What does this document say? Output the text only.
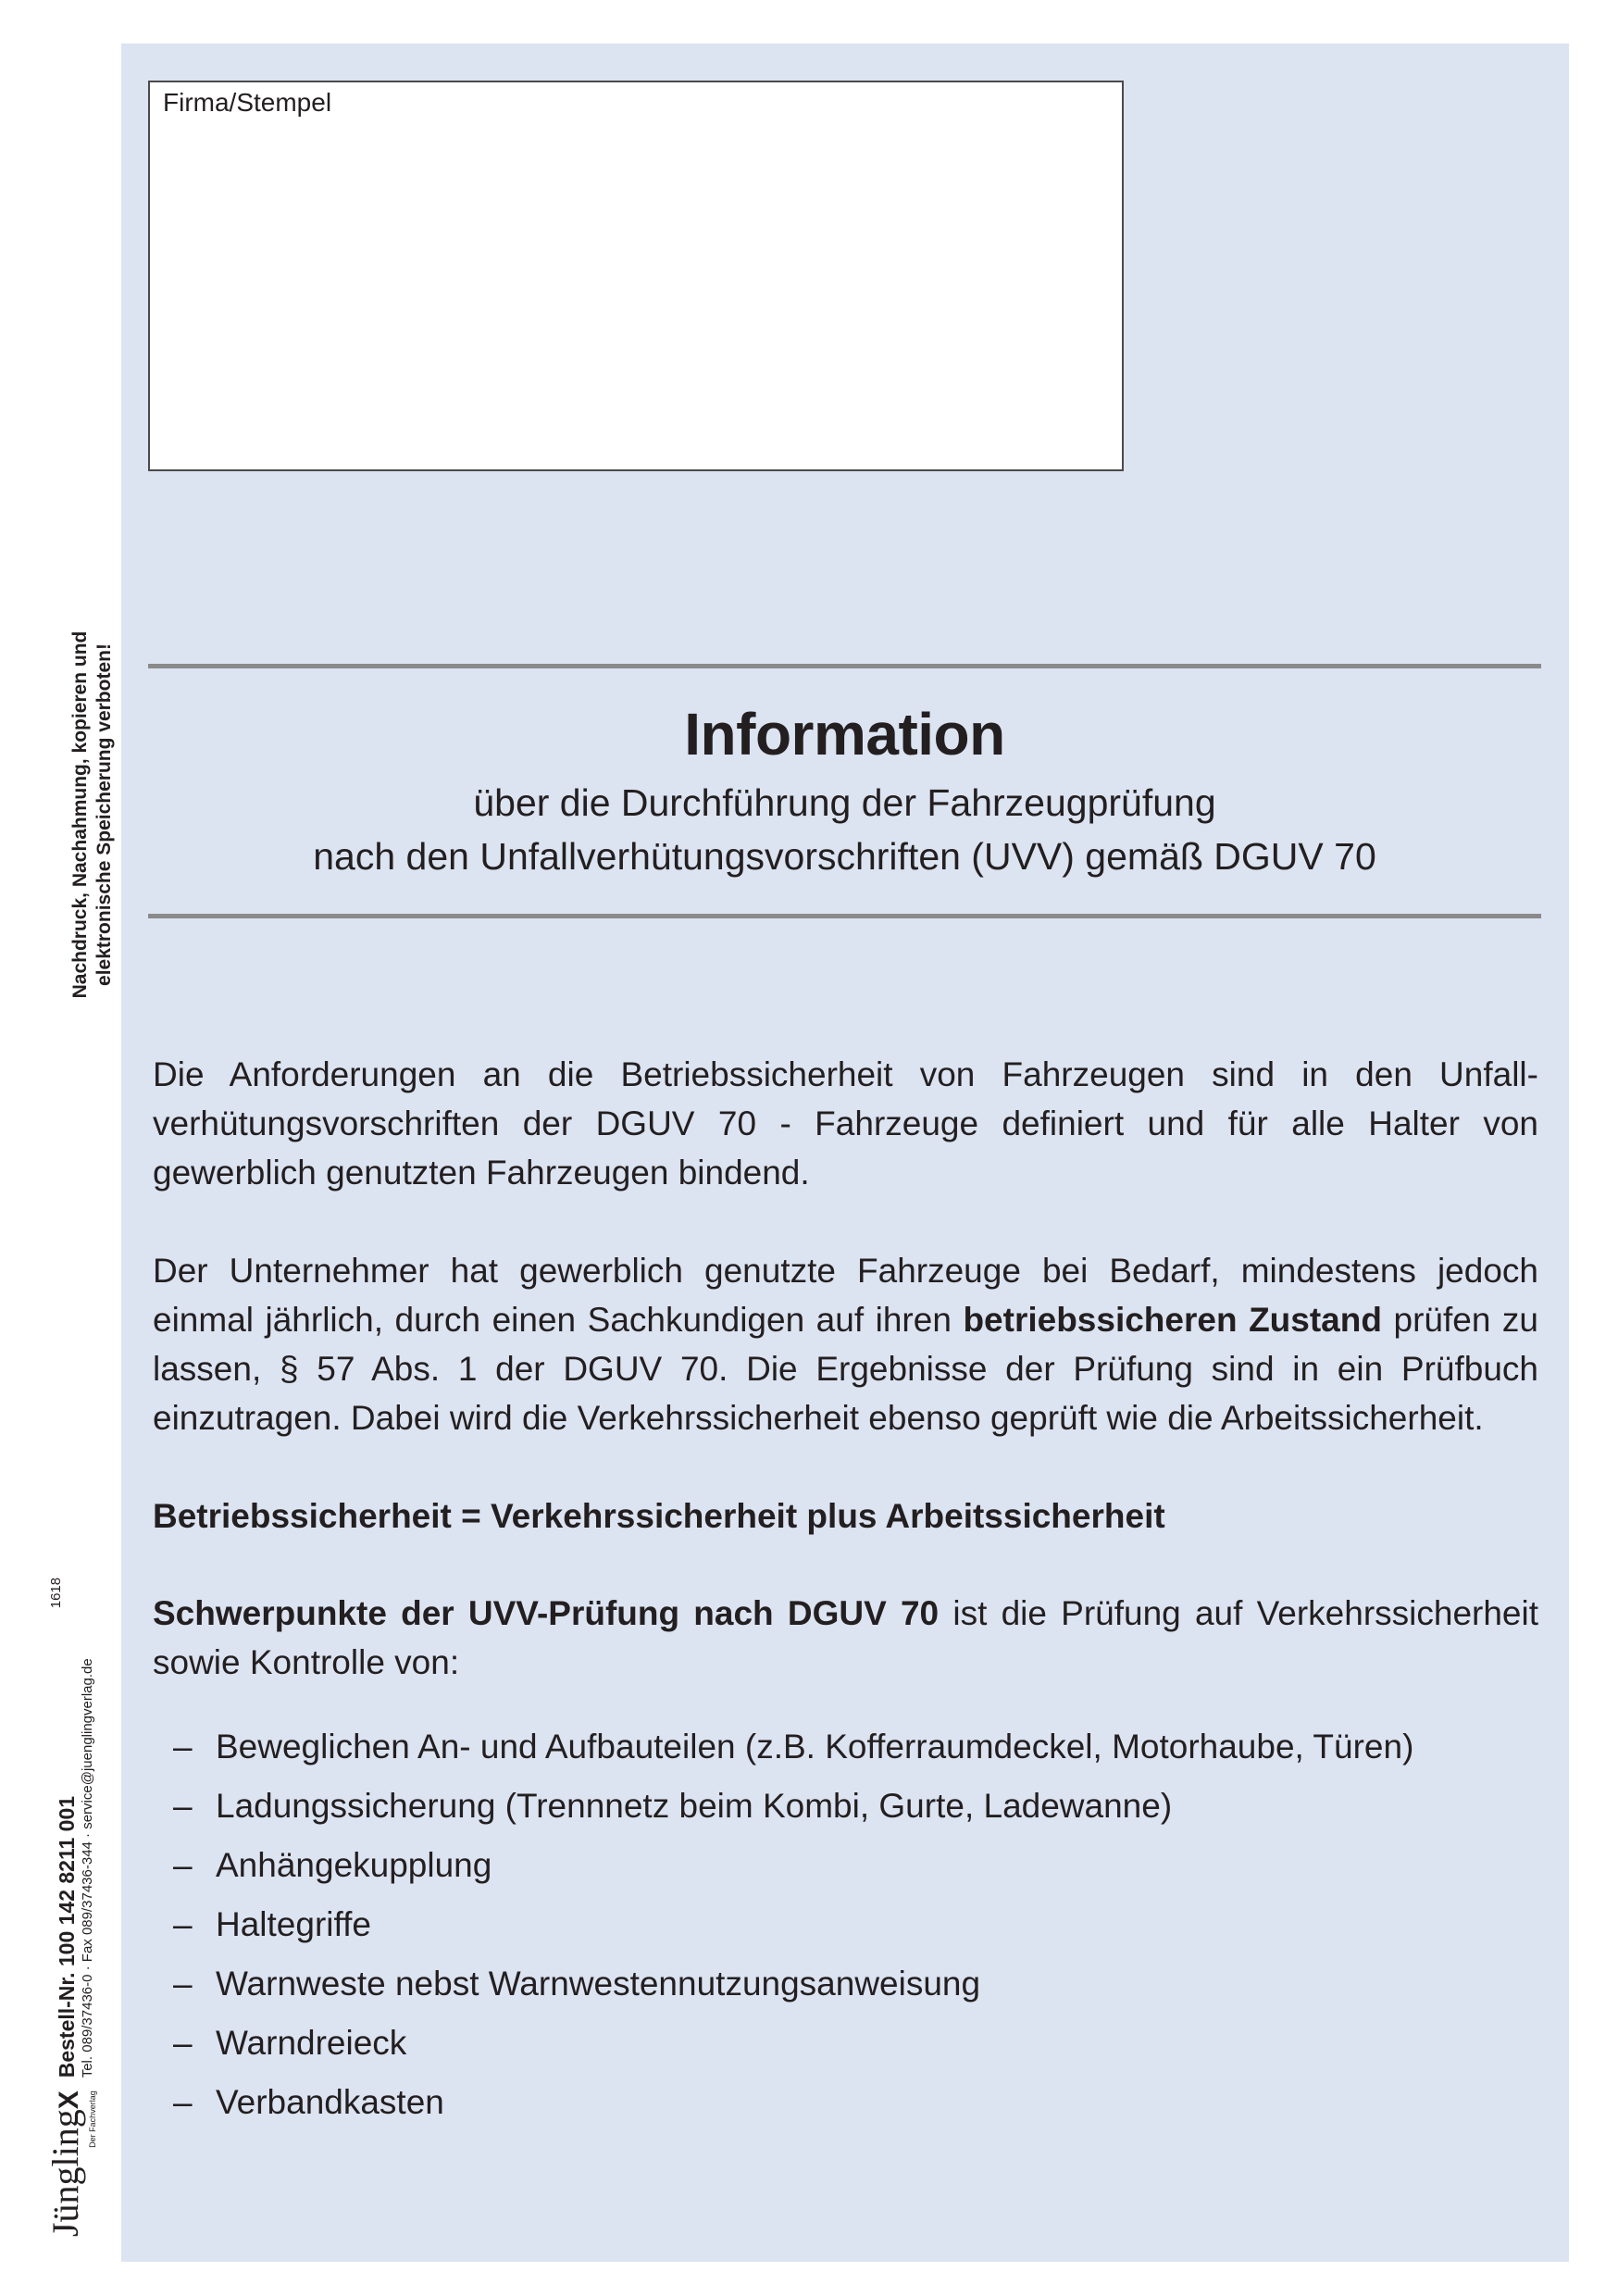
Firma/Stempel

Information

über die Durchführung der Fahrzeugprüfung

nach den Unfallverhütungsvorschriften (UVV) gemäß DGUV 70

Die Anforderungen an die Betriebssicherheit von Fahrzeugen sind in den Unfallverhütungsvorschriften der DGUV 70 - Fahrzeuge definiert und für alle Halter von gewerblich genutzten Fahrzeugen bindend.

Der Unternehmer hat gewerblich genutzte Fahrzeuge bei Bedarf, mindestens jedoch einmal jährlich, durch einen Sachkundigen auf ihren betriebssicheren Zustand prüfen zu lassen, § 57 Abs. 1 der DGUV 70. Die Ergebnisse der Prüfung sind in ein Prüfbuch einzutragen. Dabei wird die Verkehrssicherheit ebenso geprüft wie die Arbeitssicherheit.

Betriebssicherheit = Verkehrssicherheit plus Arbeitssicherheit

Schwerpunkte der UVV-Prüfung nach DGUV 70 ist die Prüfung auf Verkehrssicherheit sowie Kontrolle von:

– Beweglichen An- und Aufbauteilen (z.B. Kofferraumdeckel, Motorhaube, Türen)
– Ladungssicherung (Trennnetz beim Kombi, Gurte, Ladewanne)
– Anhängekupplung
– Haltegriffe
– Warnweste nebst Warnwestennutzungsanweisung
– Warndreieck
– Verbandkasten
Nachdruck, Nachahmung, kopieren und elektronische Speicherung verboten!
JünglingX Der Fachverlag
Bestell-Nr. 100 142 8211 001 Tel. 089/37436-0 · Fax 089/37436-344 · service@juenglingverlag.de
1618
